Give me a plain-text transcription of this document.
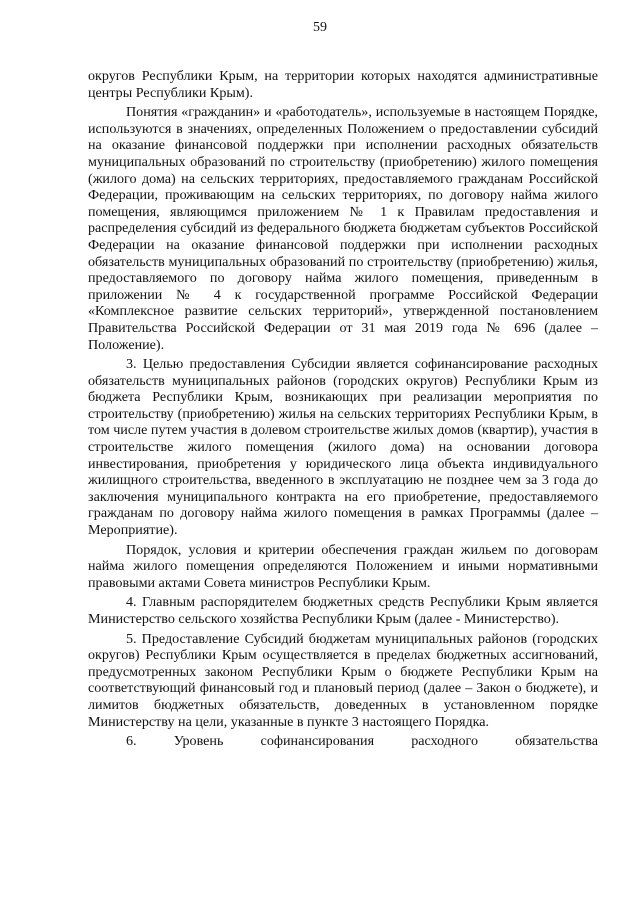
59

округов Республики Крым, на территории которых находятся административные центры Республики Крым).

Понятия «гражданин» и «работодатель», используемые в настоящем Порядке, используются в значениях, определенных Положением о предоставлении субсидий на оказание финансовой поддержки при исполнении расходных обязательств муниципальных образований по строительству (приобретению) жилого помещения (жилого дома) на сельских территориях, предоставляемого гражданам Российской Федерации, проживающим на сельских территориях, по договору найма жилого помещения, являющимся приложением № 1 к Правилам предоставления и распределения субсидий из федерального бюджета бюджетам субъектов Российской Федерации на оказание финансовой поддержки при исполнении расходных обязательств муниципальных образований по строительству (приобретению) жилья, предоставляемого по договору найма жилого помещения, приведенным в приложении № 4 к государственной программе Российской Федерации «Комплексное развитие сельских территорий», утвержденной постановлением Правительства Российской Федерации от 31 мая 2019 года № 696 (далее – Положение).

3. Целью предоставления Субсидии является софинансирование расходных обязательств муниципальных районов (городских округов) Республики Крым из бюджета Республики Крым, возникающих при реализации мероприятия по строительству (приобретению) жилья на сельских территориях Республики Крым, в том числе путем участия в долевом строительстве жилых домов (квартир), участия в строительстве жилого помещения (жилого дома) на основании договора инвестирования, приобретения у юридического лица объекта индивидуального жилищного строительства, введенного в эксплуатацию не позднее чем за 3 года до заключения муниципального контракта на его приобретение, предоставляемого гражданам по договору найма жилого помещения в рамках Программы (далее – Мероприятие).

Порядок, условия и критерии обеспечения граждан жильем по договорам найма жилого помещения определяются Положением и иными нормативными правовыми актами Совета министров Республики Крым.

4. Главным распорядителем бюджетных средств Республики Крым является Министерство сельского хозяйства Республики Крым (далее - Министерство).

5. Предоставление Субсидий бюджетам муниципальных районов (городских округов) Республики Крым осуществляется в пределах бюджетных ассигнований, предусмотренных законом Республики Крым о бюджете Республики Крым на соответствующий финансовый год и плановый период (далее – Закон о бюджете), и лимитов бюджетных обязательств, доведенных в установленном порядке Министерству на цели, указанные в пункте 3 настоящего Порядка.

6. Уровень софинансирования расходного обязательства
